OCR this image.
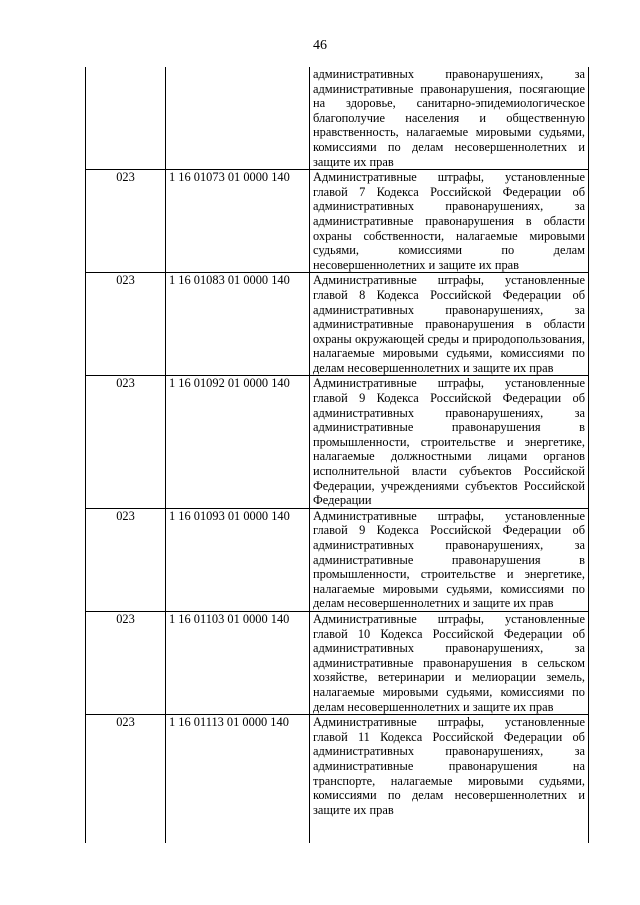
46
		административных правонарушениях, за административные правонарушения, посягающие на здоровье, санитарно-эпидемиологическое благополучие населения и общественную нравственность, налагаемые мировыми судьями, комиссиями по делам несовершеннолетних и защите их прав
023	1 16 01073 01 0000 140	Административные штрафы, установленные главой 7 Кодекса Российской Федерации об административных правонарушениях, за административные правонарушения в области охраны собственности, налагаемые мировыми судьями, комиссиями по делам несовершеннолетних и защите их прав
023	1 16 01083 01 0000 140	Административные штрафы, установленные главой 8 Кодекса Российской Федерации об административных правонарушениях, за административные правонарушения в области охраны окружающей среды и природопользования, налагаемые мировыми судьями, комиссиями по делам несовершеннолетних и защите их прав
023	1 16 01092 01 0000 140	Административные штрафы, установленные главой 9 Кодекса Российской Федерации об административных правонарушениях, за административные правонарушения в промышленности, строительстве и энергетике, налагаемые должностными лицами органов исполнительной власти субъектов Российской Федерации, учреждениями субъектов Российской Федерации
023	1 16 01093 01 0000 140	Административные штрафы, установленные главой 9 Кодекса Российской Федерации об административных правонарушениях, за административные правонарушения в промышленности, строительстве и энергетике, налагаемые мировыми судьями, комиссиями по делам несовершеннолетних и защите их прав
023	1 16 01103 01 0000 140	Административные штрафы, установленные главой 10 Кодекса Российской Федерации об административных правонарушениях, за административные правонарушения в сельском хозяйстве, ветеринарии и мелиорации земель, налагаемые мировыми судьями, комиссиями по делам несовершеннолетних и защите их прав
023	1 16 01113 01 0000 140	Административные штрафы, установленные главой 11 Кодекса Российской Федерации об административных правонарушениях, за административные правонарушения на транспорте, налагаемые мировыми судьями, комиссиями по делам несовершеннолетних и защите их прав
